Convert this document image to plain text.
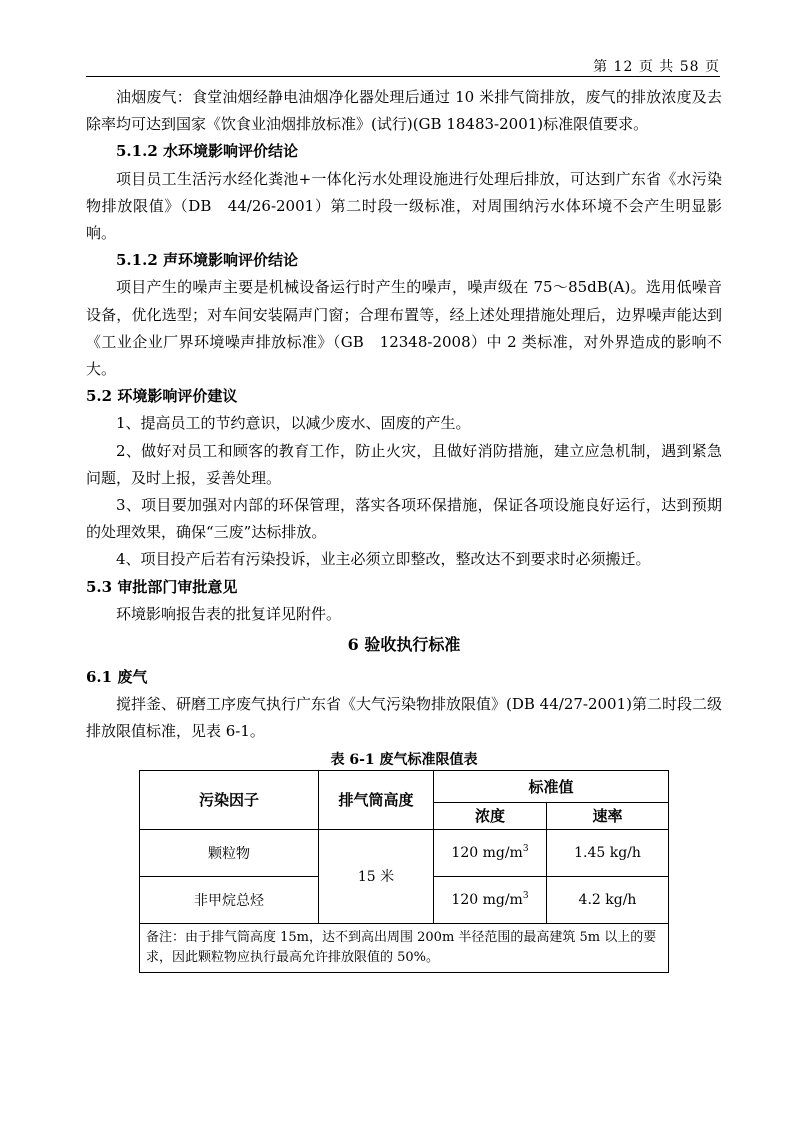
第 12 页 共 58 页

油烟废气：食堂油烟经静电油烟净化器处理后通过 10 米排气筒排放，废气的排放浓度及去除率均可达到国家《饮食业油烟排放标准》(试行)(GB 18483-2001)标准限值要求。

5.1.2 水环境影响评价结论

项目员工生活污水经化粪池+一体化污水处理设施进行处理后排放，可达到广东省《水污染物排放限值》（DB　44/26-2001）第二时段一级标准，对周围纳污水体环境不会产生明显影响。

5.1.2 声环境影响评价结论

项目产生的噪声主要是机械设备运行时产生的噪声，噪声级在 75～85dB(A)。选用低噪音设备，优化选型；对车间安装隔声门窗；合理布置等，经上述处理措施处理后，边界噪声能达到《工业企业厂界环境噪声排放标准》（GB　12348-2008）中 2 类标准，对外界造成的影响不大。

5.2 环境影响评价建议

1、提高员工的节约意识，以减少废水、固废的产生。

2、做好对员工和顾客的教育工作，防止火灾，且做好消防措施，建立应急机制，遇到紧急问题，及时上报，妥善处理。

3、项目要加强对内部的环保管理，落实各项环保措施，保证各项设施良好运行，达到预期的处理效果，确保“三废”达标排放。

4、项目投产后若有污染投诉，业主必须立即整改，整改达不到要求时必须搬迁。

5.3 审批部门审批意见

环境影响报告表的批复详见附件。

6 验收执行标准
6.1 废气

搅拌釜、研磨工序废气执行广东省《大气污染物排放限值》(DB 44/27-2001)第二时段二级排放限值标准，见表 6-1。

表 6-1 废气标准限值表
污染因子	排气筒高度	标准值	
		浓度	速率
颗粒物	15 米	120 $mg/m^3$	1.45 kg/h
非甲烷总烃		120 $mg/m^3$	4.2 kg/h
备注：由于排气筒高度 15m，达不到高出周围 200m 半径范围的最高建筑 5m 以上的要求，因此颗粒物应执行最高允许排放限值的 50%。			
